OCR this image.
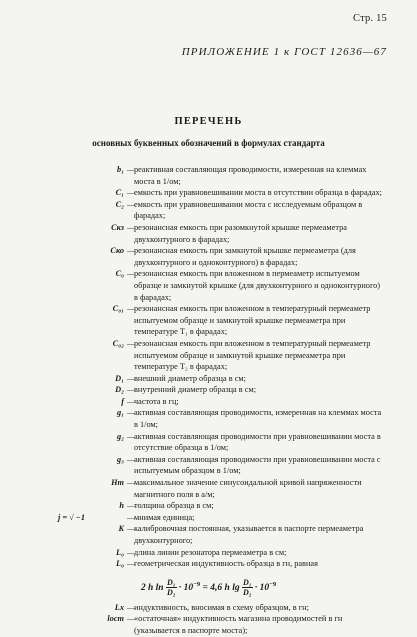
Стр. 15
ПРИЛОЖЕНИЕ 1 к ГОСТ 12636—67
ПЕРЕЧЕНЬ
основных буквенных обозначений в формулах стандарта
b₁ —
реактивная составляющая проводимости, измеренная на клеммах моста в 1/ом;
C₁ —
емкость при уравновешивании моста в отсутствии образца в фарадах;
C₂ —
емкость при уравновешивании моста с исследуемым образцом в фарадах;
Cкз —
резонансная емкость при разомкнутой крышке пермеаметра двухконтурного в фарадах;
Cко —
резонансная емкость при замкнутой крышке пермеаметра (для двухконтурного и одноконтурного) в фарадах;
C₀ —
резонансная емкость при вложенном в пермеаметр испытуемом образце и замкнутой крышке (для двухконтурного и одноконтурного) в фарадах;
C₀₁ —
резонансная емкость при вложенном в температурный пермеаметр испытуемом образце и замкнутой крышке пермеаметра при температуре T₁ в фарадах;
C₀₂ —
резонансная емкость при вложенном в температурный пермеаметр испытуемом образце и замкнутой крышке пермеаметра при температуре T₂ в фарадах;
D₁ —
внешний диаметр образца в см;
D₂ —
внутренний диаметр образца в см;
f —
частота в гц;
g₁ —
активная составляющая проводимости, измеренная на клеммах моста в 1/ом;
g₂ —
активная составляющая проводимости при уравновешивании моста в отсутствие образца в 1/ом;
g₃ —
активная составляющая проводимости при уравновешивании моста с испытуемым образцом в 1/ом;
Hm —
максимальное значение синусоидальной кривой напряженности магнитного поля в а/м;
h —
толщина образца в см;
j = √ −1	—
мнимая единица;
K —
калибровочная постоянная, указывается в паспорте пермеаметра двухконтурного;
L₀ —
длина линии резонатора пермеаметра в см;
L₀ —
геометрическая индуктивность образца в гн, равная
2 h $\ln \frac{\text{D₁}}{\text{D₂}} \cdot 10^{-9} = 4,6$ h $\lg \frac{\text{D₁}}{\text{D₂}} \cdot 10^{-9}$
Lx —
индуктивность, вносимая в схему образцом, в гн;
lост —
«остаточная» индуктивность магазина проводимостей в гн (указывается в паспорте моста);
